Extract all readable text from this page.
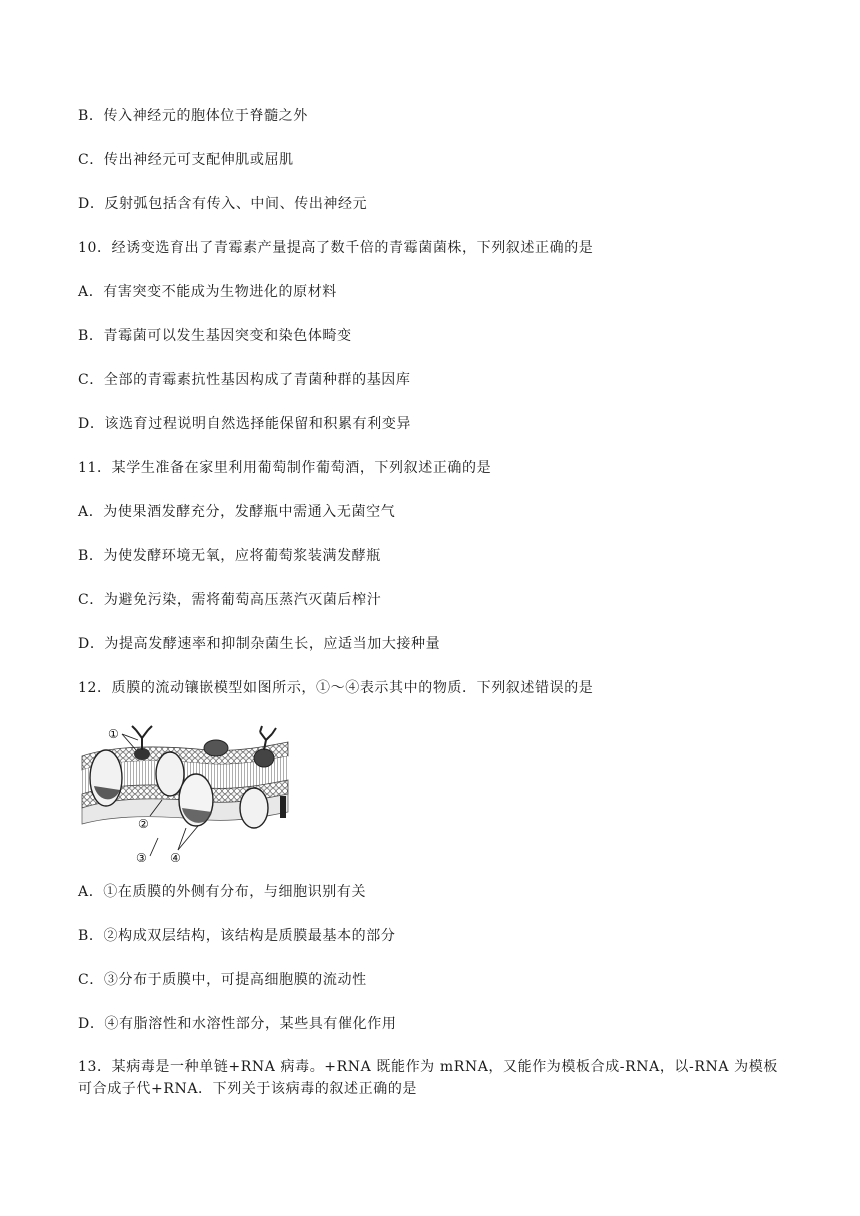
B．传入神经元的胞体位于脊髓之外
C．传出神经元可支配伸肌或屈肌
D．反射弧包括含有传入、中间、传出神经元
10．经诱变选育出了青霉素产量提高了数千倍的青霉菌菌株，下列叙述正确的是
A．有害突变不能成为生物进化的原材料
B．青霉菌可以发生基因突变和染色体畸变
C．全部的青霉素抗性基因构成了青菌种群的基因库
D．该选育过程说明自然选择能保留和积累有利变异
11．某学生准备在家里利用葡萄制作葡萄酒，下列叙述正确的是
A．为使果酒发酵充分，发酵瓶中需通入无菌空气
B．为使发酵环境无氧，应将葡萄浆装满发酵瓶
C．为避免污染，需将葡萄高压蒸汽灭菌后榨汁
D．为提高发酵速率和抑制杂菌生长，应适当加大接种量
12．质膜的流动镶嵌模型如图所示，①～④表示其中的物质．下列叙述错误的是
①
②
③ ④
A．①在质膜的外侧有分布，与细胞识别有关
B．②构成双层结构，该结构是质膜最基本的部分
C．③分布于质膜中，可提高细胞膜的流动性
D．④有脂溶性和水溶性部分，某些具有催化作用
13．某病毒是一种单链+RNA 病毒。+RNA 既能作为 mRNA，又能作为模板合成-RNA，以-RNA 为模板可合成子代+RNA．下列关于该病毒的叙述正确的是
